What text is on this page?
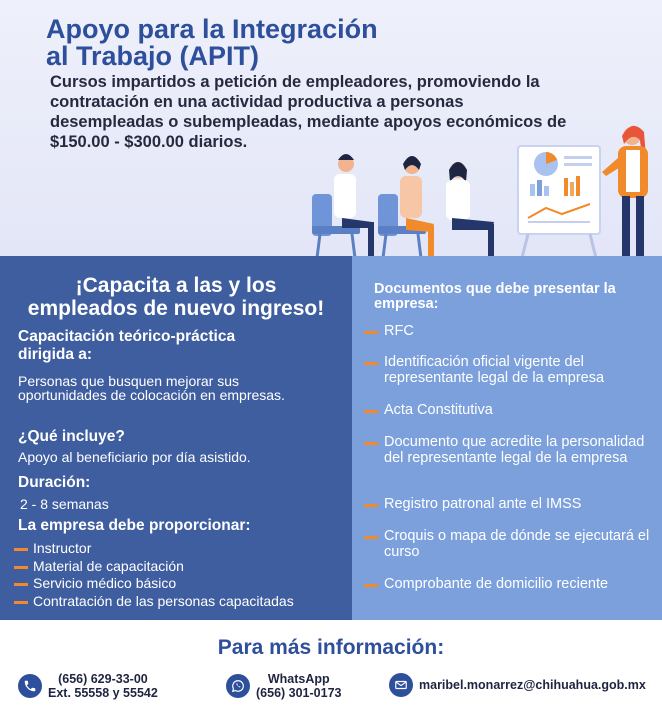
Apoyo para la Integración
al Trabajo (APIT)
Cursos impartidos a petición de empleadores, promoviendo la contratación en una actividad productiva a personas desempleadas o subempleadas, mediante apoyos económicos de $150.00 - $300.00 diarios.
¡Capacita a las y los
empleados de nuevo ingreso!
Capacitación teórico-práctica dirigida a:
Personas que busquen mejorar sus oportunidades de colocación en empresas.
¿Qué incluye?
Apoyo al beneficiario por día asistido.
Duración:
2 - 8 semanas
La empresa debe proporcionar:
Instructor
Material de capacitación
Servicio médico básico
Contratación de las personas capacitadas
Documentos que debe presentar la empresa:
RFC
Identificación oficial vigente del representante legal de la empresa
Acta Constitutiva
Documento que acredite la personalidad del representante legal de la empresa
Registro patronal ante el IMSS
Croquis o mapa de dónde se ejecutará el curso
Comprobante de domicilio reciente
Para más información:
(656) 629-33-00
Ext. 55558 y 55542
WhatsApp
(656) 301-0173
maribel.monarrez@chihuahua.gob.mx
